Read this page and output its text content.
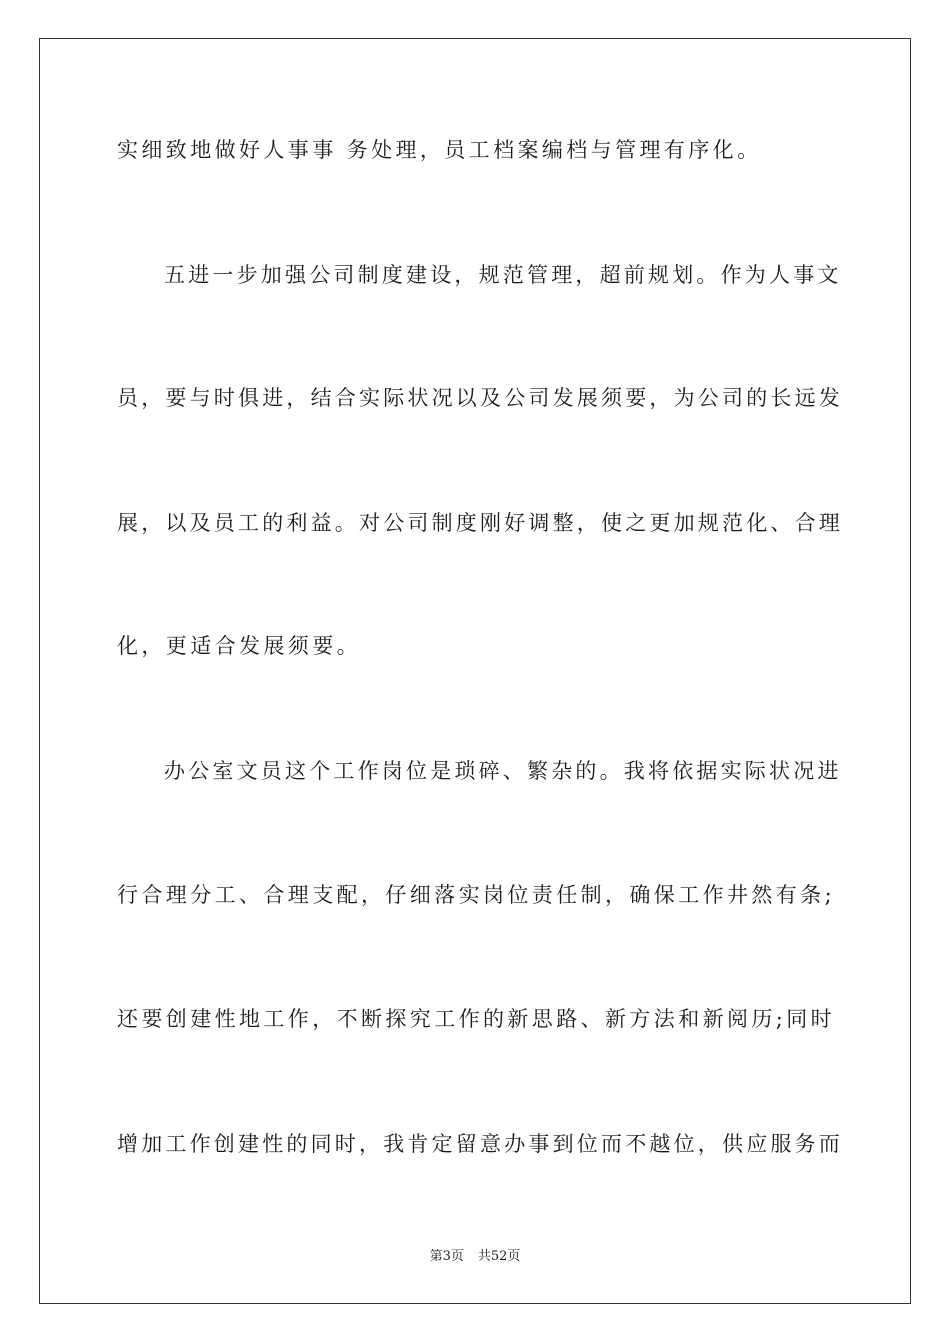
实细致地做好人事事 务处理，员工档案编档与管理有序化。
五进一步加强公司制度建设，规范管理，超前规划。作为人事文
员，要与时俱进，结合实际状况以及公司发展须要，为公司的长远发
展，以及员工的利益。对公司制度刚好调整，使之更加规范化、合理
化，更适合发展须要。
办公室文员这个工作岗位是琐碎、繁杂的。我将依据实际状况进
行合理分工、合理支配，仔细落实岗位责任制，确保工作井然有条;
还要创建性地工作，不断探究工作的新思路、新方法和新阅历;同时
增加工作创建性的同时，我肯定留意办事到位而不越位，供应服务而
第3页 共52页
